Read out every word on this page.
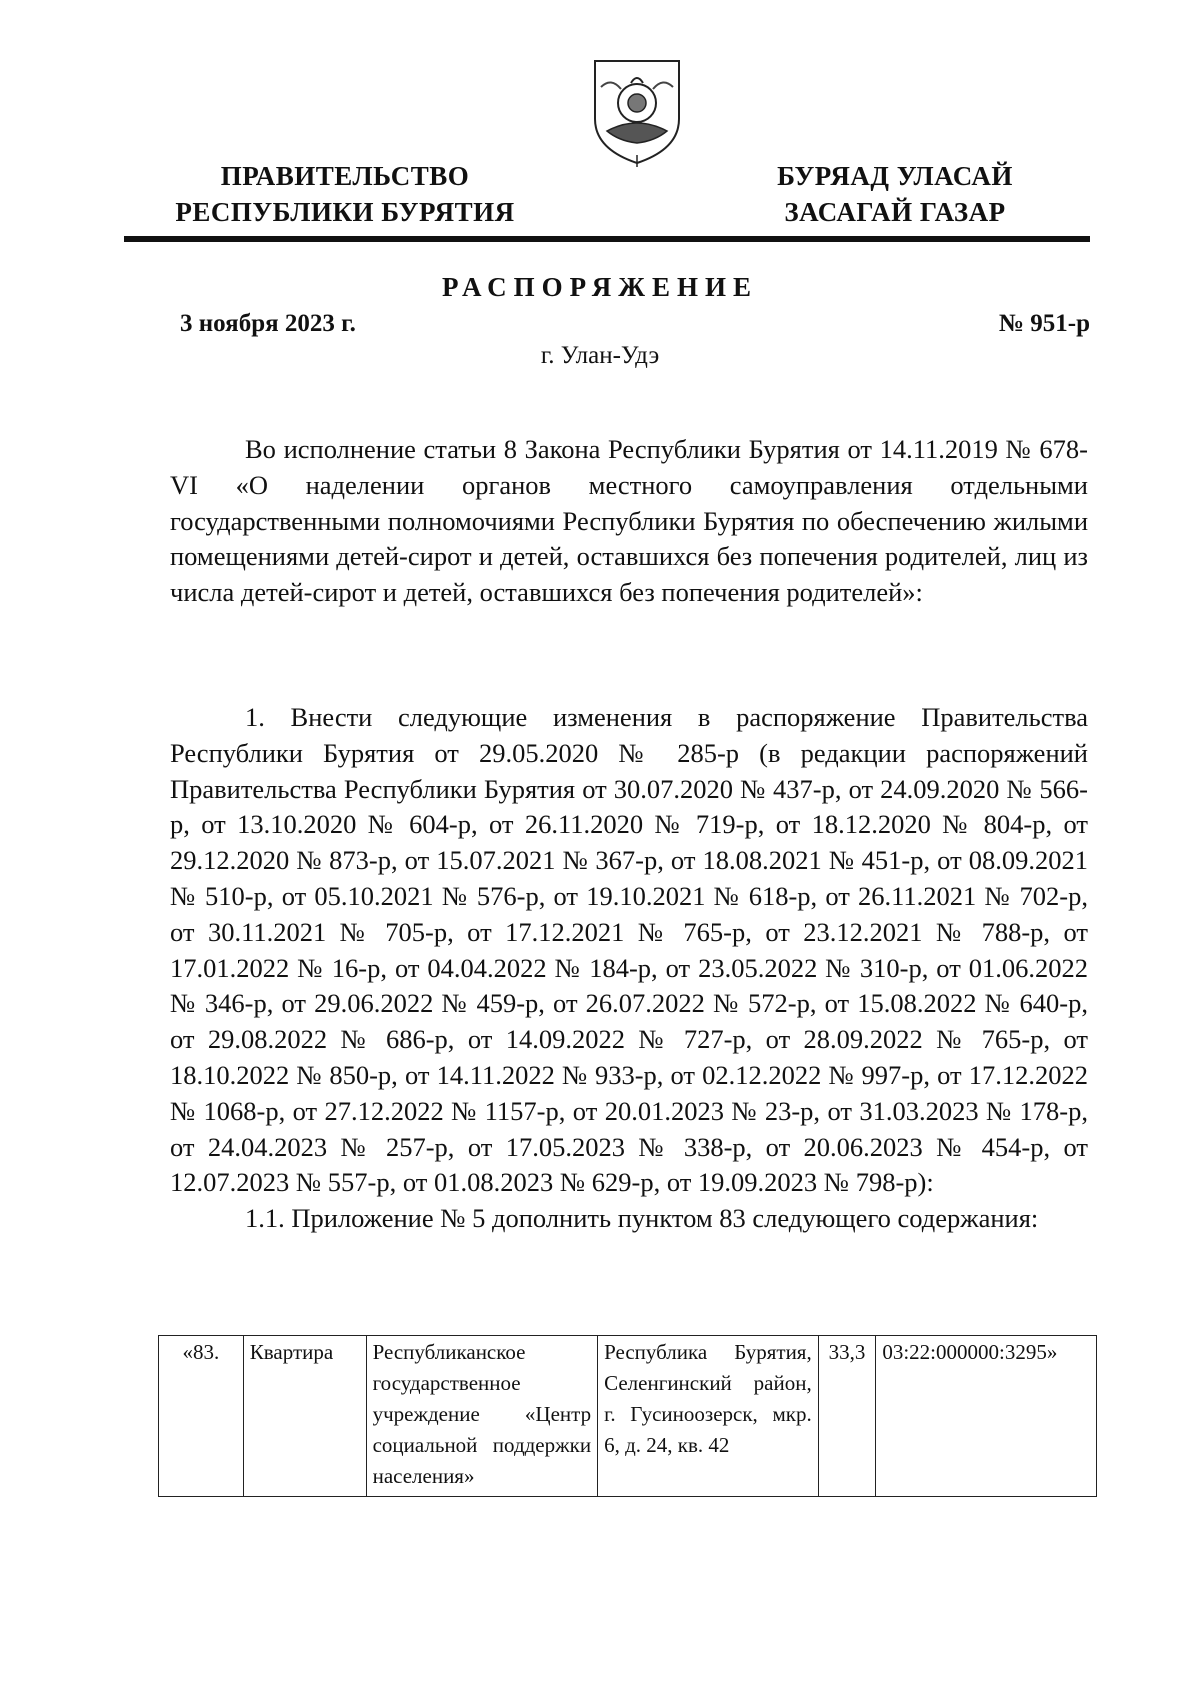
ПРАВИТЕЛЬСТВО
РЕСПУБЛИКИ БУРЯТИЯ
БУРЯАД УЛАСАЙ
ЗАСАГАЙ ГАЗАР
РАСПОРЯЖЕНИЕ
3 ноября 2023 г.	№ 951-р
г. Улан-Удэ

Во исполнение статьи 8 Закона Республики Бурятия от 14.11.2019 № 678-VI «О наделении органов местного самоуправления отдельными государственными полномочиями Республики Бурятия по обеспечению жилыми помещениями детей-сирот и детей, оставшихся без попечения родителей, лиц из числа детей-сирот и детей, оставшихся без попечения родителей»:

1. Внести следующие изменения в распоряжение Правительства Республики Бурятия от 29.05.2020 № 285-р (в редакции распоряжений Правительства Республики Бурятия от 30.07.2020 № 437-р, от 24.09.2020 № 566-р, от 13.10.2020 № 604-р, от 26.11.2020 № 719-р, от 18.12.2020 № 804-р, от 29.12.2020 № 873-р, от 15.07.2021 № 367-р, от 18.08.2021 № 451-р, от 08.09.2021 № 510-р, от 05.10.2021 № 576-р, от 19.10.2021 № 618-р, от 26.11.2021 № 702-р, от 30.11.2021 № 705-р, от 17.12.2021 № 765-р, от 23.12.2021 № 788-р, от 17.01.2022 № 16-р, от 04.04.2022 № 184-р, от 23.05.2022 № 310-р, от 01.06.2022 № 346-р, от 29.06.2022 № 459-р, от 26.07.2022 № 572-р, от 15.08.2022 № 640-р, от 29.08.2022 № 686-р, от 14.09.2022 № 727-р, от 28.09.2022 № 765-р, от 18.10.2022 № 850-р, от 14.11.2022 № 933-р, от 02.12.2022 № 997-р, от 17.12.2022 № 1068-р, от 27.12.2022 № 1157-р, от 20.01.2023 № 23-р, от 31.03.2023 № 178-р, от 24.04.2023 № 257-р, от 17.05.2023 № 338-р, от 20.06.2023 № 454-р, от 12.07.2023 № 557-р, от 01.08.2023 № 629-р, от 19.09.2023 № 798-р):

1.1. Приложение № 5 дополнить пунктом 83 следующего содержания:

«83.	Квартира	Республиканское государственное учреждение «Центр социальной поддержки населения»	Республика Бурятия, Селенгинский район, г. Гусиноозерск, мкр. 6, д. 24, кв. 42	33,3	03:22:000000:3295»
